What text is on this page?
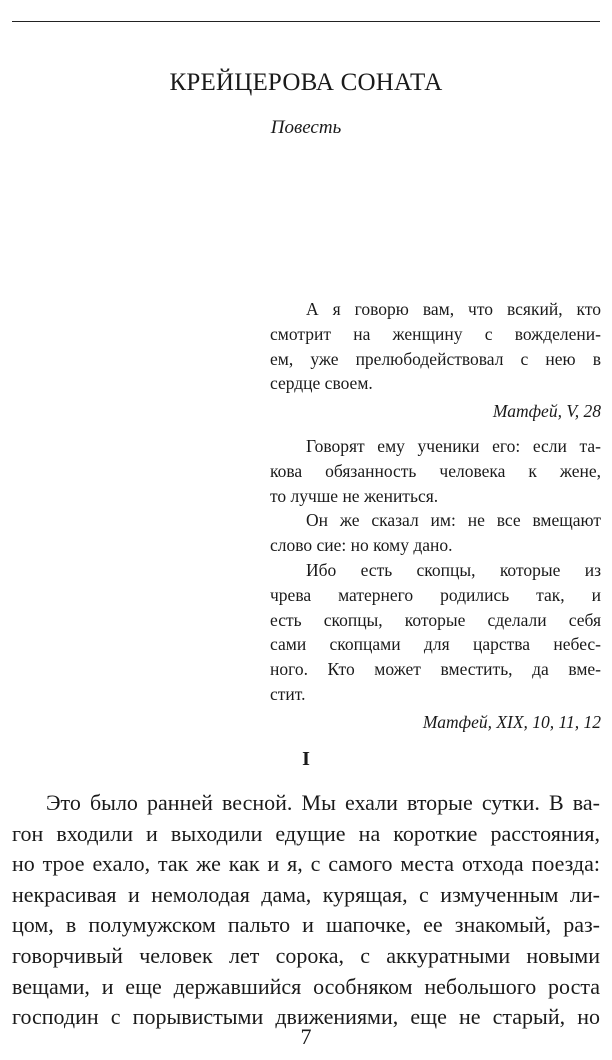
КРЕЙЦЕРОВА СОНАТА
Повесть
А я говорю вам, что всякий, кто
смотрит на женщину с вожделени-
ем, уже прелюбодействовал с нею в
сердце своем.
Матфей, V, 28
Говорят ему ученики его: если та-
кова обязанность человека к жене,
то лучше не жениться.
Он же сказал им: не все вмещают
слово сие: но кому дано.
Ибо есть скопцы, которые из
чрева матернего родились так, и
есть скопцы, которые сделали себя
сами скопцами для царства небес-
ного. Кто может вместить, да вме-
стит.
Матфей, XIX, 10, 11, 12
I
Это было ранней весной. Мы ехали вторые сутки. В ва-
гон входили и выходили едущие на короткие расстояния,
но трое ехало, так же как и я, с самого места отхода поезда:
некрасивая и немолодая дама, курящая, с измученным ли-
цом, в полумужском пальто и шапочке, ее знакомый, раз-
говорчивый человек лет сорока, с аккуратными новыми
вещами, и еще державшийся особняком небольшого роста
господин с порывистыми движениями, еще не старый, но
7
